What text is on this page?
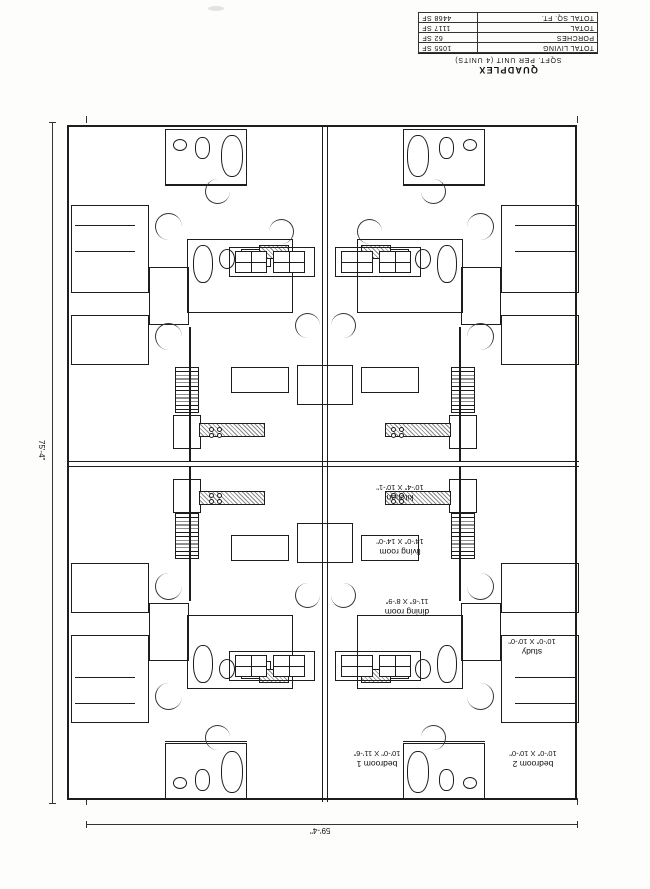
QUADPLEX
SQFT. PER UNIT (4 UNITS)
TOTAL LIVING	1055 SF
PORCHES	62 SF
TOTAL	1117 SF
TOTAL SQ. FT.	4468 SF
75'-4"
59'-4"
living room
14'-0" X 14'-0"
kitchen
10'-4" X 10'-1"
dining room
11'-6" X 8'-9"
study
10'-0" X 10'-0"
bedroom 1
10'-0" X 11'-6"
bedroom 2
10'-0" X 10'-0"
